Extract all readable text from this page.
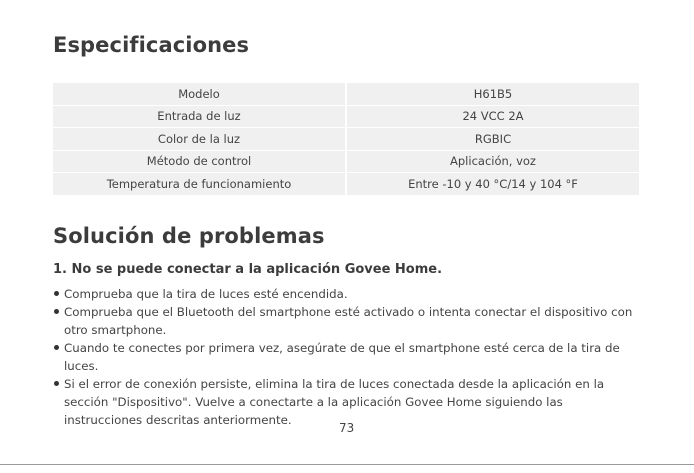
Especificaciones
Modelo	H61B5
Entrada de luz	24 VCC 2A
Color de la luz	RGBIC
Método de control	Aplicación, voz
Temperatura de funcionamiento	Entre -10 y 40 °C/14 y 104 °F
Solución de problemas
1. No se puede conectar a la aplicación Govee Home.
Comprueba que la tira de luces esté encendida.
Comprueba que el Bluetooth del smartphone esté activado o intenta conectar el dispositivo con otro smartphone.
Cuando te conectes por primera vez, asegúrate de que el smartphone esté cerca de la tira de luces.
Si el error de conexión persiste, elimina la tira de luces conectada desde la aplicación en la sección "Dispositivo". Vuelve a conectarte a la aplicación Govee Home siguiendo las instrucciones descritas anteriormente.
73
